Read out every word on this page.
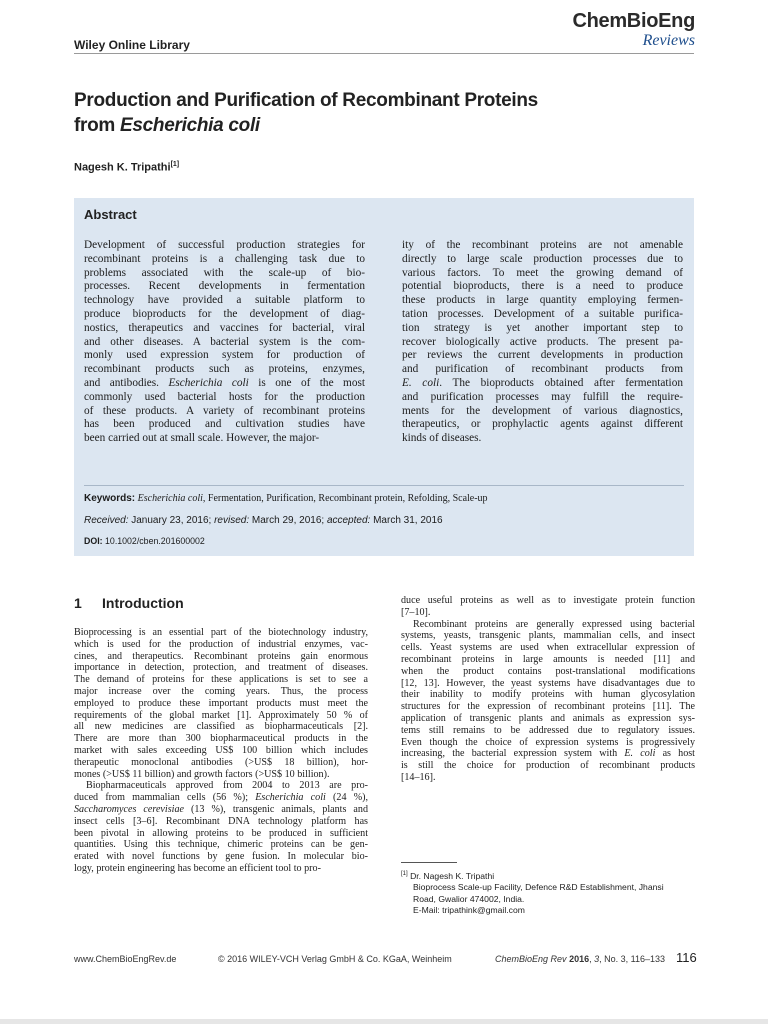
Wiley Online Library
ChemBioEng
Reviews
Production and Purification of Recombinant Proteins
from Escherichia coli
Nagesh K. Tripathi[1]
Abstract
Development of successful production strategies for
recombinant proteins is a challenging task due to
problems associated with the scale-up of bio-
processes. Recent developments in fermentation
technology have provided a suitable platform to
produce bioproducts for the development of diag-
nostics, therapeutics and vaccines for bacterial, viral
and other diseases. A bacterial system is the com-
monly used expression system for production of
recombinant products such as proteins, enzymes,
and antibodies. Escherichia coli is one of the most
commonly used bacterial hosts for the production
of these products. A variety of recombinant proteins
has been produced and cultivation studies have
been carried out at small scale. However, the major-
ity of the recombinant proteins are not amenable
directly to large scale production processes due to
various factors. To meet the growing demand of
potential bioproducts, there is a need to produce
these products in large quantity employing fermen-
tation processes. Development of a suitable purifica-
tion strategy is yet another important step to
recover biologically active products. The present pa-
per reviews the current developments in production
and purification of recombinant products from
E. coli. The bioproducts obtained after fermentation
and purification processes may fulfill the require-
ments for the development of various diagnostics,
therapeutics, or prophylactic agents against different
kinds of diseases.
Keywords: Escherichia coli, Fermentation, Purification, Recombinant protein, Refolding, Scale-up
Received: January 23, 2016; revised: March 29, 2016; accepted: March 31, 2016
DOI: 10.1002/cben.201600002
1 Introduction
Bioprocessing is an essential part of the biotechnology industry,
which is used for the production of industrial enzymes, vac-
cines, and therapeutics. Recombinant proteins gain enormous
importance in detection, protection, and treatment of diseases.
The demand of proteins for these applications is set to see a
major increase over the coming years. Thus, the process
employed to produce these important products must meet the
requirements of the global market [1]. Approximately 50 % of
all new medicines are classified as biopharmaceuticals [2].
There are more than 300 biopharmaceutical products in the
market with sales exceeding US$ 100 billion which includes
therapeutic monoclonal antibodies (>US$ 18 billion), hor-
mones (>US$ 11 billion) and growth factors (>US$ 10 billion).
Biopharmaceuticals approved from 2004 to 2013 are pro-
duced from mammalian cells (56 %); Escherichia coli (24 %),
Saccharomyces cerevisiae (13 %), transgenic animals, plants and
insect cells [3–6]. Recombinant DNA technology platform has
been pivotal in allowing proteins to be produced in sufficient
quantities. Using this technique, chimeric proteins can be gen-
erated with novel functions by gene fusion. In molecular bio-
logy, protein engineering has become an efficient tool to pro-
duce useful proteins as well as to investigate protein function
[7–10].
Recombinant proteins are generally expressed using bacterial
systems, yeasts, transgenic plants, mammalian cells, and insect
cells. Yeast systems are used when extracellular expression of
recombinant proteins in large amounts is needed [11] and
when the product contains post-translational modifications
[12, 13]. However, the yeast systems have disadvantages due to
their inability to modify proteins with human glycosylation
structures for the expression of recombinant proteins [11]. The
application of transgenic plants and animals as expression sys-
tems still remains to be addressed due to regulatory issues.
Even though the choice of expression systems is progressively
increasing, the bacterial expression system with E. coli as host
is still the choice for production of recombinant products
[14–16].
[1] Dr. Nagesh K. Tripathi
Bioprocess Scale-up Facility, Defence R&D Establishment, Jhansi
Road, Gwalior 474002, India.
E-Mail: tripathink@gmail.com
www.ChemBioEngRev.de	© 2016 WILEY-VCH Verlag GmbH & Co. KGaA, Weinheim	ChemBioEng Rev 2016, 3, No. 3, 116–133 116
